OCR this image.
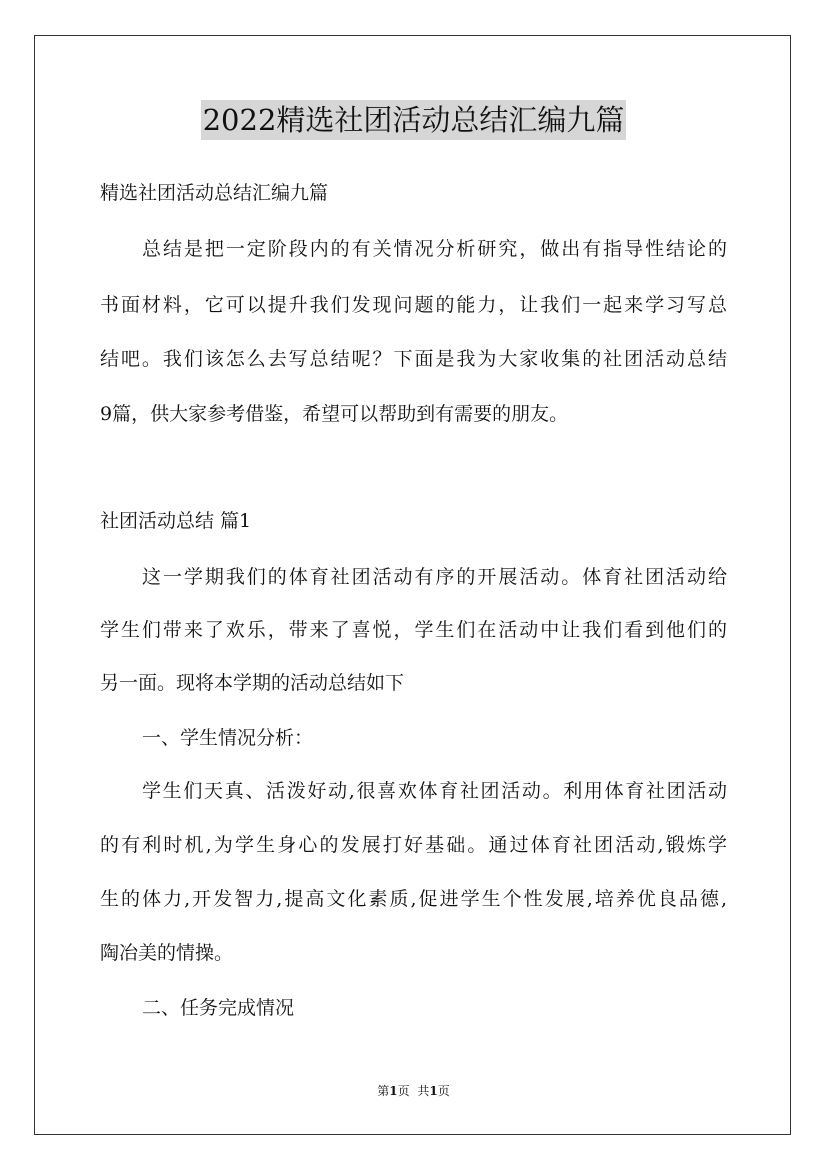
2022精选社团活动总结汇编九篇
精选社团活动总结汇编九篇
总结是把一定阶段内的有关情况分析研究，做出有指导性结论的
书面材料，它可以提升我们发现问题的能力，让我们一起来学习写总
结吧。我们该怎么去写总结呢？下面是我为大家收集的社团活动总结
9篇，供大家参考借鉴，希望可以帮助到有需要的朋友。
社团活动总结 篇1
这一学期我们的体育社团活动有序的开展活动。体育社团活动给
学生们带来了欢乐，带来了喜悦，学生们在活动中让我们看到他们的
另一面。现将本学期的活动总结如下
一、学生情况分析：
学生们天真、活泼好动,很喜欢体育社团活动。利用体育社团活动
的有利时机,为学生身心的发展打好基础。通过体育社团活动,锻炼学
生的体力,开发智力,提高文化素质,促进学生个性发展,培养优良品德,
陶冶美的情操。
二、任务完成情况
第1页 共1页
